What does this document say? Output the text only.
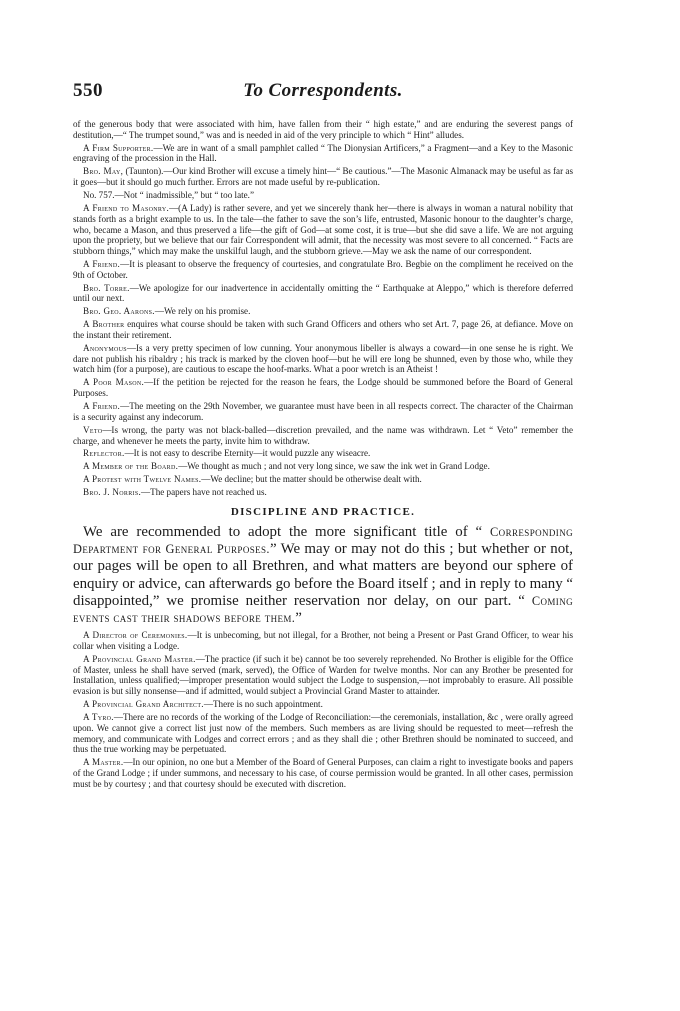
550	To Correspondents.

of the generous body that were associated with him, have fallen from their “ high estate,” and are enduring the severest pangs of destitution,—“ The trumpet sound,” was and is needed in aid of the very principle to which “ Hint” alludes.

A Firm Supporter.—We are in want of a small pamphlet called “ The Dionysian Artificers,” a Fragment—and a Key to the Masonic engraving of the procession in the Hall.

Bro. May, (Taunton).—Our kind Brother will excuse a timely hint—“ Be cautious.”—The Masonic Almanack may be useful as far as it goes—but it should go much further. Errors are not made useful by re-publication.

No. 757.—Not “ inadmissible,” but “ too late.”

A Friend to Masonry.—(A Lady) is rather severe, and yet we sincerely thank her—there is always in woman a natural nobility that stands forth as a bright example to us. In the tale—the father to save the son’s life, entrusted, Masonic honour to the daughter’s charge, who, became a Mason, and thus preserved a life—the gift of God—at some cost, it is true—but she did save a life. We are not arguing upon the propriety, but we believe that our fair Correspondent will admit, that the necessity was most severe to all concerned. “ Facts are stubborn things,” which may make the unskilful laugh, and the stubborn grieve.—May we ask the name of our correspondent.

A Friend.—It is pleasant to observe the frequency of courtesies, and congratulate Bro. Begbie on the compliment he received on the 9th of October.

Bro. Torre.—We apologize for our inadvertence in accidentally omitting the “ Earthquake at Aleppo,” which is therefore deferred until our next.

Bro. Geo. Aarons.—We rely on his promise.

A Brother enquires what course should be taken with such Grand Officers and others who set Art. 7, page 26, at defiance. Move on the instant their retirement.

Anonymous—Is a very pretty specimen of low cunning. Your anonymous libeller is always a coward—in one sense he is right. We dare not publish his ribaldry ; his track is marked by the cloven hoof—but he will ere long be shunned, even by those who, while they watch him (for a purpose), are cautious to escape the hoof-marks. What a poor wretch is an Atheist !

A Poor Mason.—If the petition be rejected for the reason he fears, the Lodge should be summoned before the Board of General Purposes.

A Friend.—The meeting on the 29th November, we guarantee must have been in all respects correct. The character of the Chairman is a security against any indecorum.

Veto—Is wrong, the party was not black-balled—discretion prevailed, and the name was withdrawn. Let “ Veto” remember the charge, and whenever he meets the party, invite him to withdraw.

Reflector.—It is not easy to describe Eternity—it would puzzle any wiseacre.

A Member of the Board.—We thought as much ; and not very long since, we saw the ink wet in Grand Lodge.

A Protest with Twelve Names.—We decline; but the matter should be otherwise dealt with.

Bro. J. Norris.—The papers have not reached us.

DISCIPLINE AND PRACTICE.

We are recommended to adopt the more significant title of “ Corresponding Department for General Purposes.” We may or may not do this ; but whether or not, our pages will be open to all Brethren, and what matters are beyond our sphere of enquiry or advice, can afterwards go before the Board itself ; and in reply to many “ disappointed,” we promise neither reservation nor delay, on our part. “ Coming events cast their shadows before them.”

A Director of Ceremonies.—It is unbecoming, but not illegal, for a Brother, not being a Present or Past Grand Officer, to wear his collar when visiting a Lodge.

A Provincial Grand Master.—The practice (if such it be) cannot be too severely reprehended. No Brother is eligible for the Office of Master, unless he shall have served (mark, served), the Office of Warden for twelve months. Nor can any Brother be presented for Installation, unless qualified;—improper presentation would subject the Lodge to suspension,—not improbably to erasure. All possible evasion is but silly nonsense—and if admitted, would subject a Provincial Grand Master to attainder.

A Provincial Grand Architect.—There is no such appointment.

A Tyro.—There are no records of the working of the Lodge of Reconciliation:—the ceremonials, installation, &c , were orally agreed upon. We cannot give a correct list just now of the members. Such members as are living should be requested to meet—refresh the memory, and communicate with Lodges and correct errors ; and as they shall die ; other Brethren should be nominated to succeed, and thus the true working may be perpetuated.

A Master.—In our opinion, no one but a Member of the Board of General Purposes, can claim a right to investigate books and papers of the Grand Lodge ; if under summons, and necessary to his case, of course permission would be granted. In all other cases, permission must be by courtesy ; and that courtesy should be executed with discretion.
